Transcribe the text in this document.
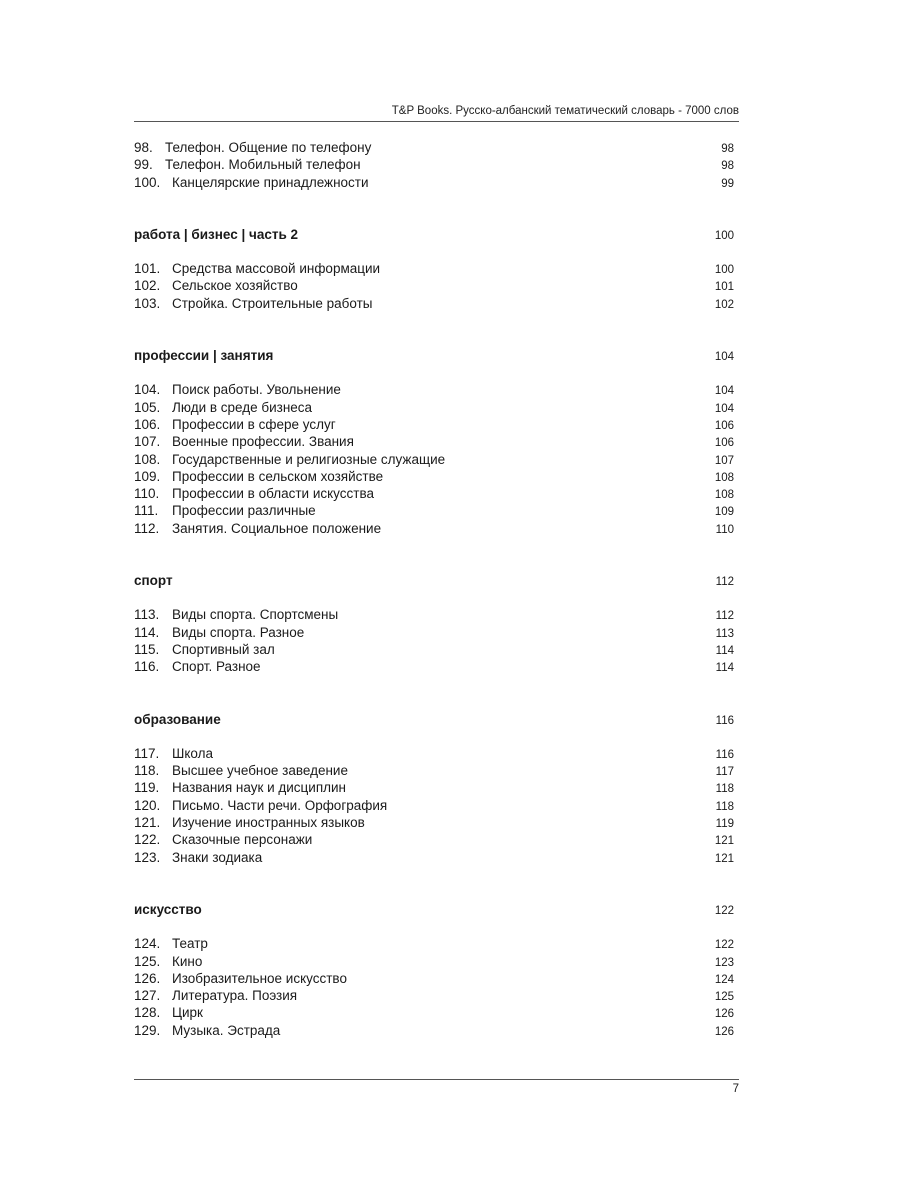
T&P Books. Русско-албанский тематический словарь - 7000 слов
98. Телефон. Общение по телефону	98
99. Телефон. Мобильный телефон	98
100. Канцелярские принадлежности	99
работа | бизнес | часть 2	100
101. Средства массовой информации	100
102. Сельское хозяйство	101
103. Стройка. Строительные работы	102
профессии | занятия	104
104. Поиск работы. Увольнение	104
105. Люди в среде бизнеса	104
106. Профессии в сфере услуг	106
107. Военные профессии. Звания	106
108. Государственные и религиозные служащие	107
109. Профессии в сельском хозяйстве	108
110. Профессии в области искусства	108
111.	Профессии различные	109
112. Занятия. Социальное положение	110
спорт	112
113. Виды спорта. Спортсмены	112
114. Виды спорта. Разное	113
115. Спортивный зал	114
116. Спорт. Разное	114
образование	116
117. Школа	116
118. Высшее учебное заведение	117
119. Названия наук и дисциплин	118
120. Письмо. Части речи. Орфография	118
121. Изучение иностранных языков	119
122. Сказочные персонажи	121
123. Знаки зодиака	121
искусство	122
124. Театр	122
125. Кино	123
126. Изобразительное искусство	124
127. Литература. Поэзия	125
128. Цирк	126
129. Музыка. Эстрада	126
7
